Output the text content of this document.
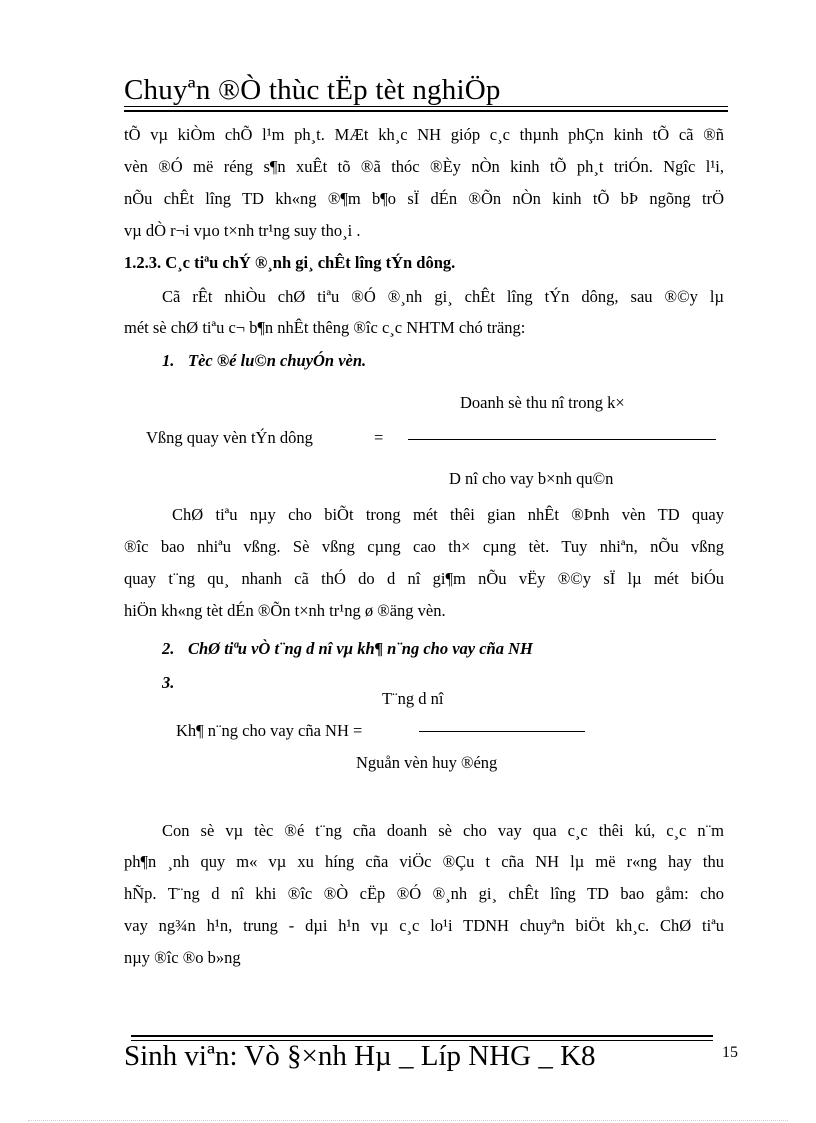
Chuyªn ®Ò thùc tËp tèt nghiÖp
tÕ vµ kiÒm chÕ l¹m ph¸t. MÆt kh¸c NH gióp c¸c thµnh phÇn kinh tÕ cã ®ñ
vèn ®Ó më réng s¶n xuÊt tõ ®ã thóc ®Èy nÒn kinh tÕ ph¸t triÓn. Ngîc l¹i,
nÕu chÊt lîng TD kh«ng ®¶m b¶o sÏ dÉn ®Õn nÒn kinh tÕ bÞ ngõng trÖ
vµ dÒ r¬i vµo t×nh tr¹ng suy tho¸i .
1.2.3. C¸c tiªu chÝ ®¸nh gi¸ chÊt lîng tÝn dông.
Cã rÊt nhiÒu chØ tiªu ®Ó ®¸nh gi¸ chÊt lîng tÝn dông, sau ®©y lµ
mét sè chØ tiªu c¬ b¶n nhÊt thêng ®îc c¸c NHTM chó träng:
1. Tèc ®é lu©n chuyÓn vèn.
Doanh sè thu nî trong k×
Vßng quay vèn tÝn dông	=
D nî cho vay b×nh qu©n
ChØ tiªu nµy cho biÕt trong mét thêi gian nhÊt ®Þnh vèn TD quay
®îc bao nhiªu vßng. Sè vßng cµng cao th× cµng tèt. Tuy nhiªn, nÕu vßng
quay t¨ng qu¸ nhanh cã thÓ do d nî gi¶m nÕu vËy ®©y sÏ lµ mét biÓu
hiÖn kh«ng tèt dÉn ®Õn t×nh tr¹ng ø ®äng vèn.
2. ChØ tiªu vÒ t¨ng d nî vµ kh¶ n¨ng cho vay cña NH
3.
T¨ng d nî
Kh¶ n¨ng cho vay cña NH =
Nguån vèn huy ®éng
Con sè vµ tèc ®é t¨ng cña doanh sè cho vay qua c¸c thêi kú, c¸c n¨m
ph¶n ¸nh quy m« vµ xu híng cña viÖc ®Çu t cña NH lµ më r«ng hay thu
hÑp. T¨ng d nî khi ®îc ®Ò cËp ®Ó ®¸nh gi¸ chÊt lîng TD bao gåm: cho
vay ng¾n h¹n, trung - dµi h¹n vµ c¸c lo¹i TDNH chuyªn biÖt kh¸c. ChØ tiªu
nµy ®îc ®o b»ng
Sinh viªn: Vò §×nh Hµ _ Líp NHG _ K8	15
